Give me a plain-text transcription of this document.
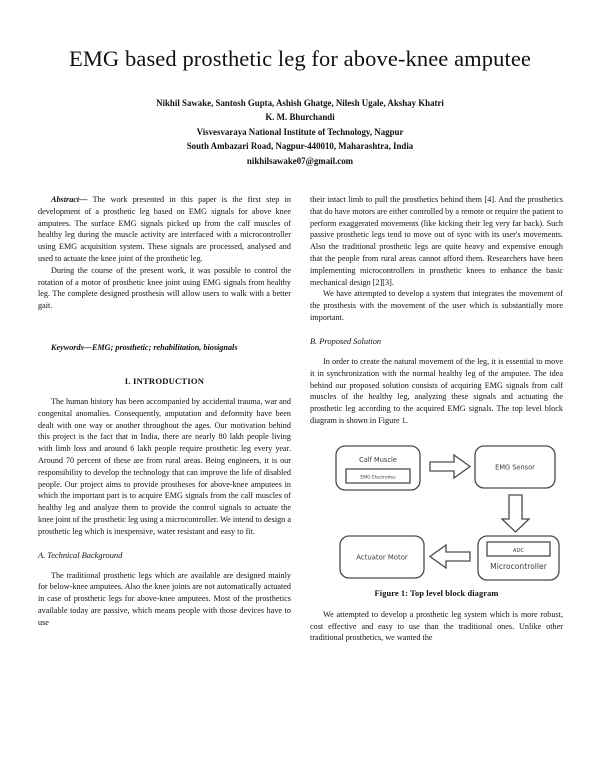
EMG based prosthetic leg for above-knee amputee
Nikhil Sawake, Santosh Gupta, Ashish Ghatge, Nilesh Ugale, Akshay Khatri
K. M. Bhurchandi
Visvesvaraya National Institute of Technology, Nagpur
South Ambazari Road, Nagpur-440010, Maharashtra, India
nikhilsawake07@gmail.com

Abstract— The work presented in this paper is the first step in development of a prosthetic leg based on EMG signals for above knee amputees. The surface EMG signals picked up from the calf muscles of healthy leg during the muscle activity are interfaced with a microcontroller using EMG acquisition system. These signals are processed, analysed and used to actuate the knee joint of the prosthetic leg.

During the course of the present work, it was possible to control the rotation of a motor of prosthetic knee joint using EMG signals from healthy leg. The complete designed prosthesis will allow users to walk with a better gait.

Keywords—EMG; prosthetic; rehabilitation, biosignals

I. INTRODUCTION

The human history has been accompanied by accidental trauma, war and congenital anomalies. Consequently, amputation and deformity have been dealt with one way or another throughout the ages. Our motivation behind this project is the fact that in India, there are nearly 80 lakh people living with limb loss and around 6 lakh people require prosthetic leg every year. Around 70 percent of these are from rural areas. Being engineers, it is our responsibility to develop the technology that can improve the life of disabled people. Our project aims to provide prostheses for above-knee amputees in which the important part is to acquire EMG signals from the calf muscles of healthy leg and analyze them to provide the control signals to actuate the knee joint of the prosthetic leg using a microcontroller. We intend to design a prosthetic leg which is inexpensive, water resistant and easy to fit.

A. Technical Background

The traditional prosthetic legs which are available are designed mainly for below-knee amputees. Also the knee joints are not automatically actuated in case of prosthetic legs for above-knee amputees. Most of the prosthetics available today are passive, which means people with those devices have to use

their intact limb to pull the prosthetics behind them [4]. And the prosthetics that do have motors are either controlled by a remote or require the patient to perform exaggerated movements (like kicking their leg very far back). Such passive prosthetic legs tend to move out of sync with its user's movements. Also the traditional prosthetic legs are quite heavy and expensive enough that the people from rural areas cannot afford them. Researchers have been implementing microcontrollers in prosthetic knees to enhance the basic mechanical design [2][3].

We have attempted to develop a system that integrates the movement of the prosthesis with the movement of the user which is substantially more important.

B. Proposed Solution

In order to create the natural movement of the leg, it is essential to move it in synchronization with the normal healthy leg of the amputee. The idea behind our proposed solution consists of acquiring EMG signals from calf muscles of the healthy leg, analyzing these signals and actuating the prosthetic leg according to the acquired EMG signals. The top level block diagram is shown in Figure 1.

Calf Muscle
EMG Electrodes
EMG Sensor
ADC
Microcontroller
Actuator Motor
Figure 1: Top level block diagram

We attempted to develop a prosthetic leg system which is more robust, cost effective and easy to use than the traditional ones. Unlike other traditional prosthetics, we wanted the
